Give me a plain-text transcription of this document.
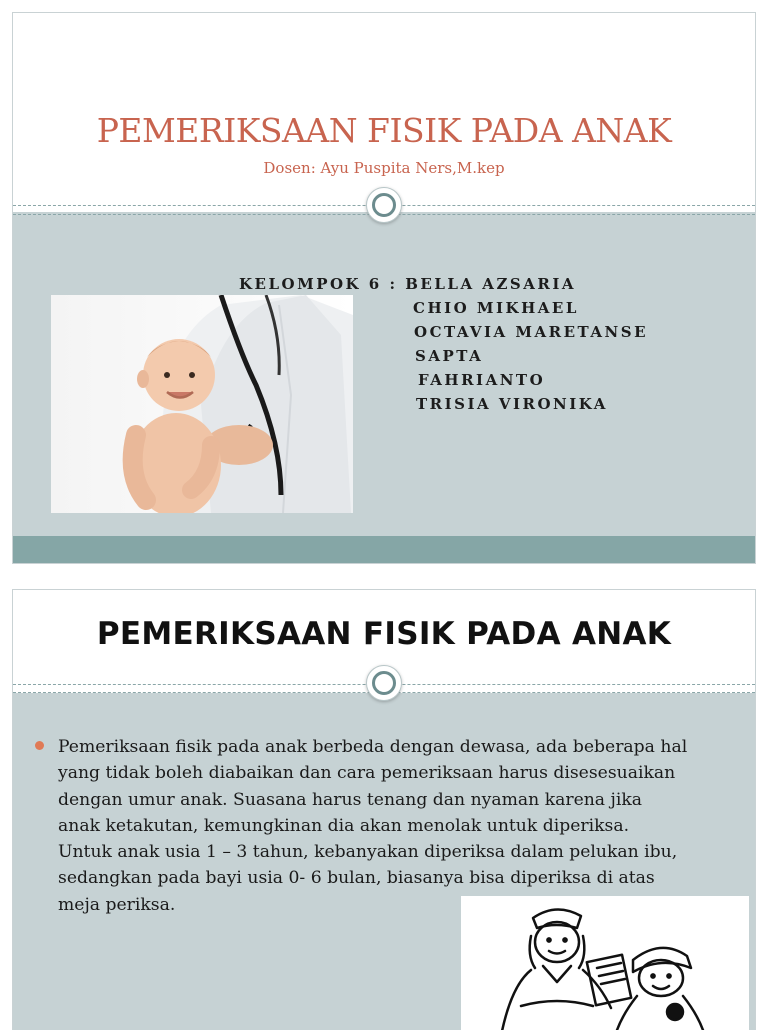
PEMERIKSAAN FISIK PADA ANAK
Dosen: Ayu Puspita Ners,M.kep
KELOMPOK 6 : BELLA AZSARIA
CHIO MIKHAEL
OCTAVIA MARETANSE
SAPTA
FAHRIANTO
TRISIA VIRONIKA
PEMERIKSAAN FISIK PADA ANAK
Pemeriksaan fisik pada anak berbeda dengan dewasa, ada beberapa hal
yang tidak boleh diabaikan dan cara pemeriksaan harus disesesuaikan
dengan umur anak. Suasana harus tenang dan nyaman karena jika
anak ketakutan, kemungkinan dia akan menolak untuk diperiksa.
Untuk anak usia 1 – 3 tahun, kebanyakan diperiksa dalam pelukan ibu,
sedangkan pada bayi usia 0- 6 bulan, biasanya bisa diperiksa di atas
meja periksa.
